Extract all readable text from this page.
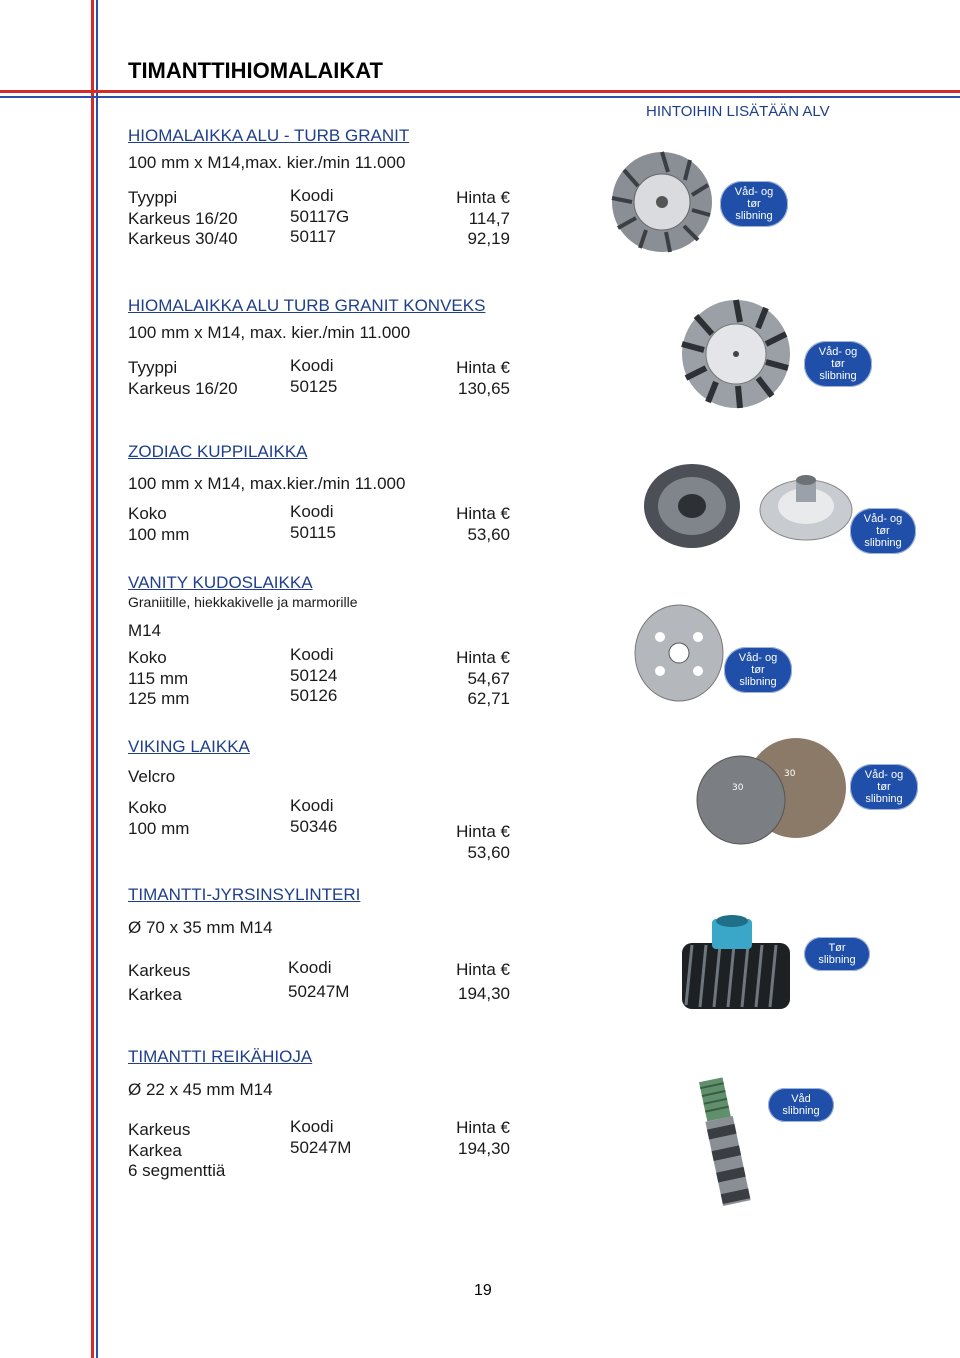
TIMANTTIHIOMALAIKAT
HINTOIHIN LISÄTÄÄN ALV
HIOMALAIKKA ALU - TURB GRANIT
100 mm x M14,max. kier./min 11.000
Tyyppi
Karkeus 16/20
Karkeus 30/40
Koodi
50117G
50117
Hinta €
114,7
92,19
Våd- og tør slibning
HIOMALAIKKA ALU TURB GRANIT KONVEKS
100 mm x M14, max. kier./min 11.000
Tyyppi
Karkeus 16/20
Koodi
50125
Hinta €
130,65
Våd- og tør slibning
ZODIAC KUPPILAIKKA
100 mm x M14, max.kier./min 11.000
Koko
100 mm
Koodi
50115
Hinta €
53,60
Våd- og tør slibning
VANITY KUDOSLAIKKA
Graniitille, hiekkakivelle ja marmorille
M14
Koko
115 mm
125 mm
Koodi
50124
50126
Hinta €
54,67
62,71
Våd- og tør slibning
VIKING LAIKKA
Velcro
Koko
100 mm
Koodi
50346	Hinta €
53,60
30
30
Våd- og tør slibning
TIMANTTI-JYRSINSYLINTERI
Ø 70 x 35 mm M14
Karkeus
Karkea
Koodi
50247M
Hinta €
194,30
Tør slibning
TIMANTTI REIKÄHIOJA
Ø 22 x 45 mm M14
Karkeus
Karkea
6 segmenttiä
Koodi
50247M
Hinta €
194,30
Våd slibning
19
